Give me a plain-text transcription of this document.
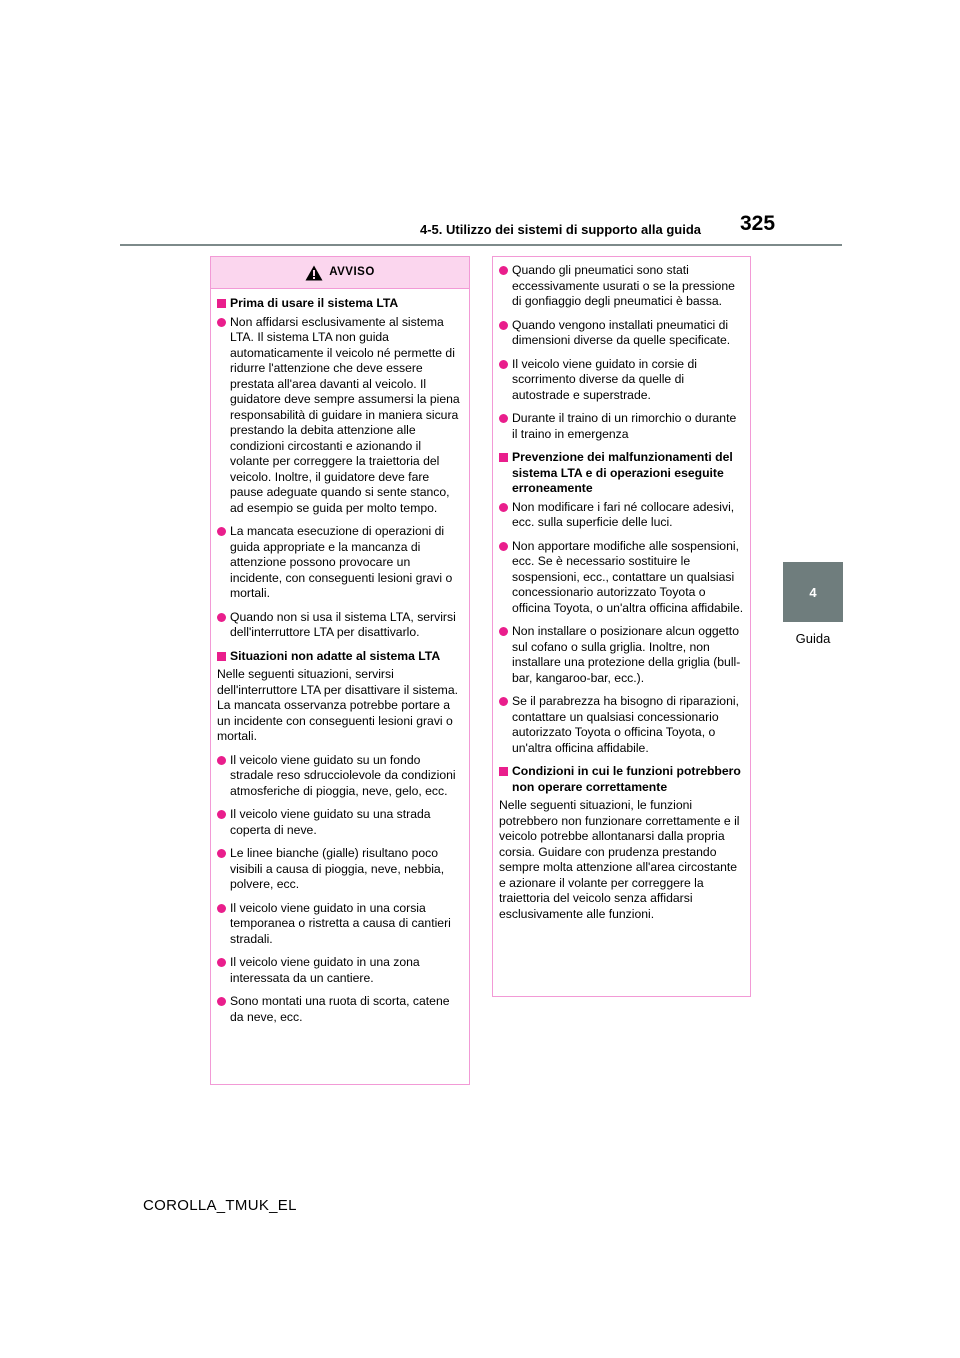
4-5. Utilizzo dei sistemi di supporto alla guida 325
4
Guida
AVVISO
Prima di usare il sistema LTA
Non affidarsi esclusivamente al sistema LTA. Il sistema LTA non guida automaticamente il veicolo né permette di ridurre l'attenzione che deve essere prestata all'area davanti al veicolo. Il guidatore deve sempre assumersi la piena responsabilità di guidare in maniera sicura prestando la debita attenzione alle condizioni circostanti e azionando il volante per correggere la traiettoria del veicolo. Inoltre, il guidatore deve fare pause adeguate quando si sente stanco, ad esempio se guida per molto tempo.
La mancata esecuzione di operazioni di guida appropriate e la mancanza di attenzione possono provocare un incidente, con conseguenti lesioni gravi o mortali.
Quando non si usa il sistema LTA, servirsi dell'interruttore LTA per disattivarlo.
Situazioni non adatte al sistema LTA
Nelle seguenti situazioni, servirsi dell'interruttore LTA per disattivare il sistema. La mancata osservanza potrebbe portare a un incidente con conseguenti lesioni gravi o mortali.
Il veicolo viene guidato su un fondo stradale reso sdrucciolevole da condizioni atmosferiche di pioggia, neve, gelo, ecc.
Il veicolo viene guidato su una strada coperta di neve.
Le linee bianche (gialle) risultano poco visibili a causa di pioggia, neve, nebbia, polvere, ecc.
Il veicolo viene guidato in una corsia temporanea o ristretta a causa di cantieri stradali.
Il veicolo viene guidato in una zona interessata da un cantiere.
Sono montati una ruota di scorta, catene da neve, ecc.
Quando gli pneumatici sono stati eccessivamente usurati o se la pressione di gonfiaggio degli pneumatici è bassa.
Quando vengono installati pneumatici di dimensioni diverse da quelle specificate.
Il veicolo viene guidato in corsie di scorrimento diverse da quelle di autostrade e superstrade.
Durante il traino di un rimorchio o durante il traino in emergenza
Prevenzione dei malfunzionamenti del sistema LTA e di operazioni eseguite erroneamente
Non modificare i fari né collocare adesivi, ecc. sulla superficie delle luci.
Non apportare modifiche alle sospensioni, ecc. Se è necessario sostituire le sospensioni, ecc., contattare un qualsiasi concessionario autorizzato Toyota o officina Toyota, o un'altra officina affidabile.
Non installare o posizionare alcun oggetto sul cofano o sulla griglia. Inoltre, non installare una protezione della griglia (bull-bar, kangaroo-bar, ecc.).
Se il parabrezza ha bisogno di riparazioni, contattare un qualsiasi concessionario autorizzato Toyota o officina Toyota, o un'altra officina affidabile.
Condizioni in cui le funzioni potrebbero non operare correttamente
Nelle seguenti situazioni, le funzioni potrebbero non funzionare correttamente e il veicolo potrebbe allontanarsi dalla propria corsia. Guidare con prudenza prestando sempre molta attenzione all'area circostante e azionare il volante per correggere la traiettoria del veicolo senza affidarsi esclusivamente alle funzioni.
COROLLA_TMUK_EL
